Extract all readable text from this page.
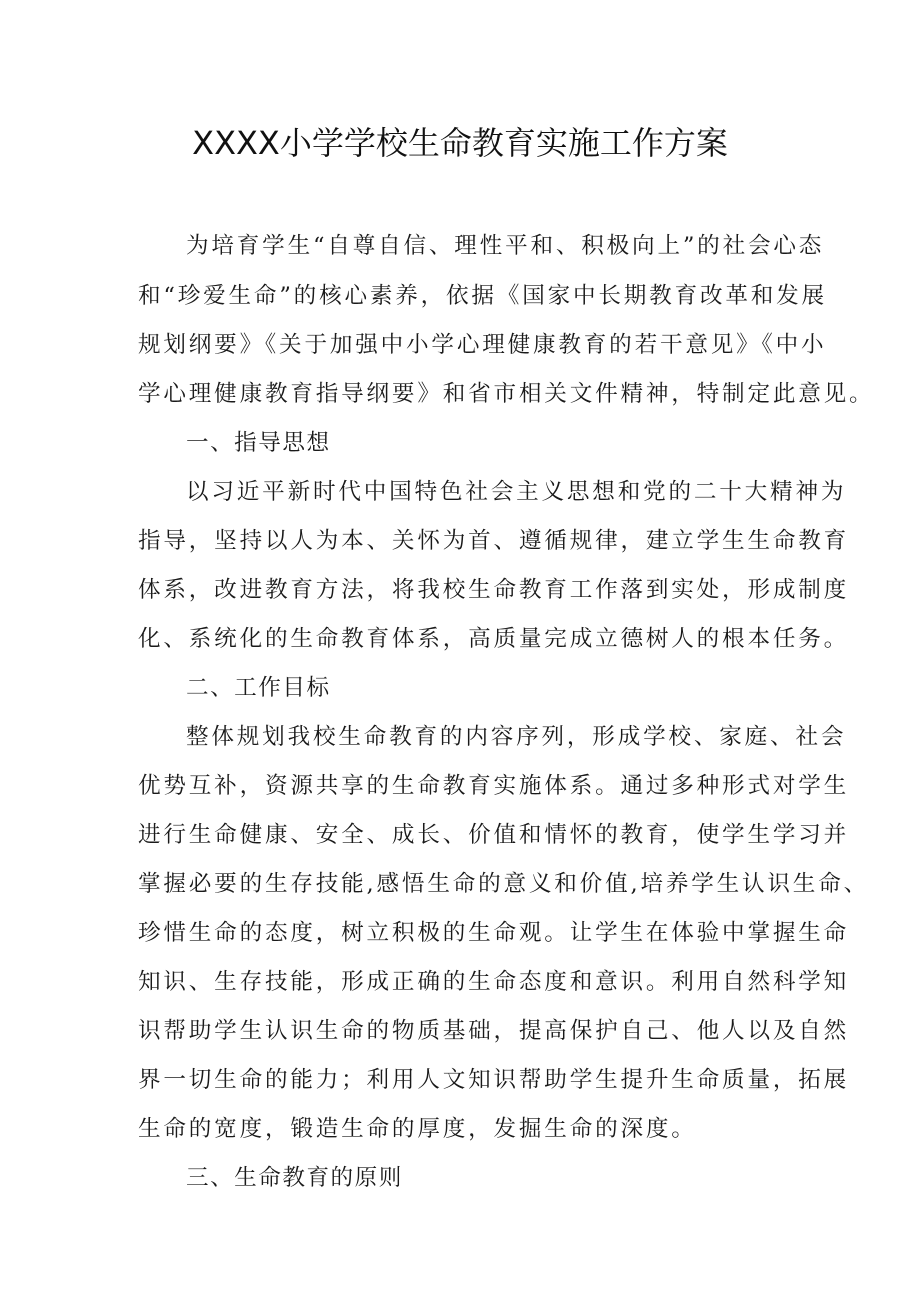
XXXX小学学校生命教育实施工作方案
为培育学生“自尊自信、理性平和、积极向上”的社会心态
和“珍爱生命”的核心素养，依据《国家中长期教育改革和发展
规划纲要》《关于加强中小学心理健康教育的若干意见》《中小
学心理健康教育指导纲要》和省市相关文件精神，特制定此意见。
一、指导思想
以习近平新时代中国特色社会主义思想和党的二十大精神为
指导，坚持以人为本、关怀为首、遵循规律，建立学生生命教育
体系，改进教育方法，将我校生命教育工作落到实处，形成制度
化、系统化的生命教育体系，高质量完成立德树人的根本任务。
二、工作目标
整体规划我校生命教育的内容序列，形成学校、家庭、社会
优势互补，资源共享的生命教育实施体系。通过多种形式对学生
进行生命健康、安全、成长、价值和情怀的教育，使学生学习并
掌握必要的生存技能,感悟生命的意义和价值,培养学生认识生命、
珍惜生命的态度，树立积极的生命观。让学生在体验中掌握生命
知识、生存技能，形成正确的生命态度和意识。利用自然科学知
识帮助学生认识生命的物质基础，提高保护自己、他人以及自然
界一切生命的能力；利用人文知识帮助学生提升生命质量，拓展
生命的宽度，锻造生命的厚度，发掘生命的深度。
三、生命教育的原则
